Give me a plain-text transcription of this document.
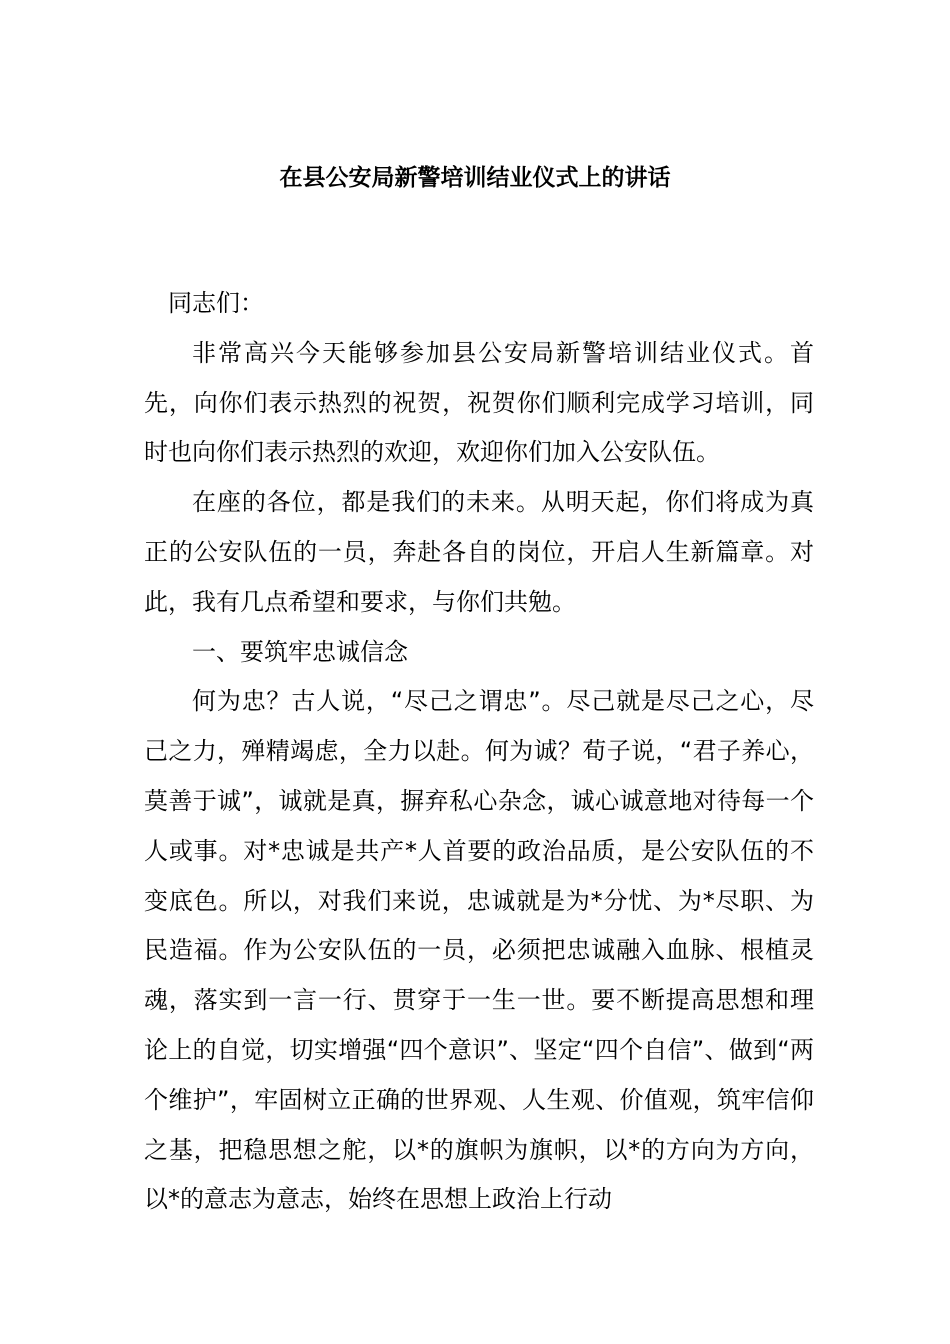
在县公安局新警培训结业仪式上的讲话

同志们：

非常高兴今天能够参加县公安局新警培训结业仪式。首先，向你们表示热烈的祝贺，祝贺你们顺利完成学习培训，同时也向你们表示热烈的欢迎，欢迎你们加入公安队伍。

在座的各位，都是我们的未来。从明天起，你们将成为真正的公安队伍的一员，奔赴各自的岗位，开启人生新篇章。对此，我有几点希望和要求，与你们共勉。

一、要筑牢忠诚信念

何为忠？古人说，“尽己之谓忠”。尽己就是尽己之心，尽己之力，殚精竭虑，全力以赴。何为诚？荀子说，“君子养心，莫善于诚”，诚就是真，摒弃私心杂念，诚心诚意地对待每一个人或事。对*忠诚是共产*人首要的政治品质，是公安队伍的不变底色。所以，对我们来说，忠诚就是为*分忧、为*尽职、为民造福。作为公安队伍的一员，必须把忠诚融入血脉、根植灵魂，落实到一言一行、贯穿于一生一世。要不断提高思想和理论上的自觉，切实增强“四个意识”、坚定“四个自信”、做到“两个维护”，牢固树立正确的世界观、人生观、价值观，筑牢信仰之基，把稳思想之舵，以*的旗帜为旗帜，以*的方向为方向，以*的意志为意志，始终在思想上政治上行动
